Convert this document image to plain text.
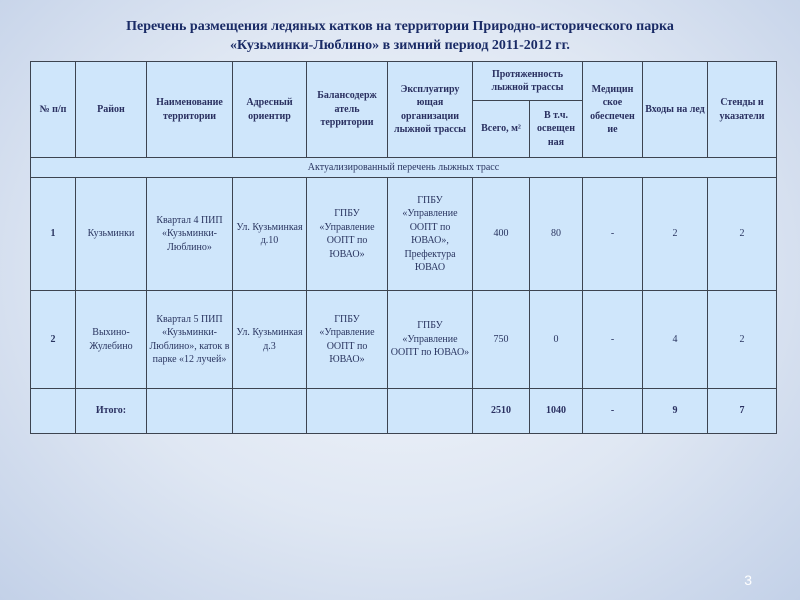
Перечень размещения ледяных катков на территории Природно-исторического парка
«Кузьминки-Люблино» в зимний период 2011-2012 гг.
№ п/п	Район	Наименование территории	Адресный ориентир	Балансодерж атель территории	Эксплуатиру ющая организации лыжной трассы	Протяженность лыжной трассы		Медицин ское обеспечен ие	Входы на лед	Стенды и указатели
						Всего, м²	В т.ч. освещен ная			
Актуализированный перечень лыжных трасс										
1	Кузьминки	Квартал 4 ПИП «Кузьминки-Люблино»	Ул. Кузьминкая д.10	ГПБУ «Управление ООПТ по ЮВАО»	ГПБУ «Управление ООПТ по ЮВАО», Префектура ЮВАО	400	80	-	2	2
2	Выхино-Жулебино	Квартал 5 ПИП «Кузьминки-Люблино», каток в парке «12 лучей»	Ул. Кузьминкая д.3	ГПБУ «Управление ООПТ по ЮВАО»	ГПБУ «Управление ООПТ по ЮВАО»	750	0	-	4	2
	Итого:					2510	1040	-	9	7
3
